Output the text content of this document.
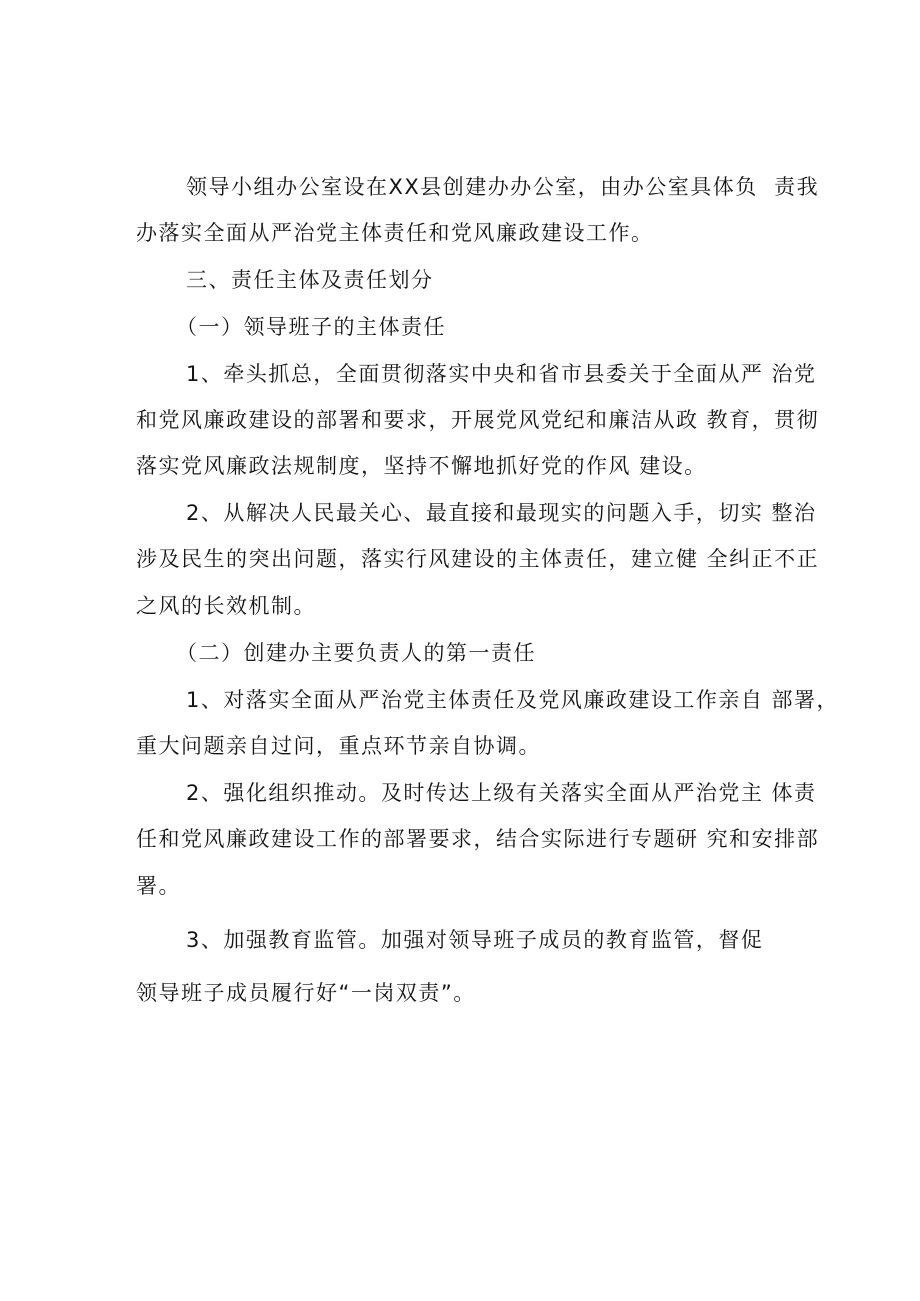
领导小组办公室设在XX县创建办办公室，由办公室具体负  责我
办落实全面从严治党主体责任和党风廉政建设工作。
三、责任主体及责任划分
（一）领导班子的主体责任
1、牵头抓总，全面贯彻落实中央和省市县委关于全面从严 治党
和党风廉政建设的部署和要求，开展党风党纪和廉洁从政 教育，贯彻
落实党风廉政法规制度，坚持不懈地抓好党的作风 建设。
2、从解决人民最关心、最直接和最现实的问题入手，切实 整治
涉及民生的突出问题，落实行风建设的主体责任，建立健 全纠正不正
之风的长效机制。
（二）创建办主要负责人的第一责任
1、对落实全面从严治党主体责任及党风廉政建设工作亲自 部署，
重大问题亲自过问，重点环节亲自协调。
2、强化组织推动。及时传达上级有关落实全面从严治党主 体责
任和党风廉政建设工作的部署要求，结合实际进行专题研 究和安排部
署。
3、加强教育监管。加强对领导班子成员的教育监管，督促
领导班子成员履行好“一岗双责”。
